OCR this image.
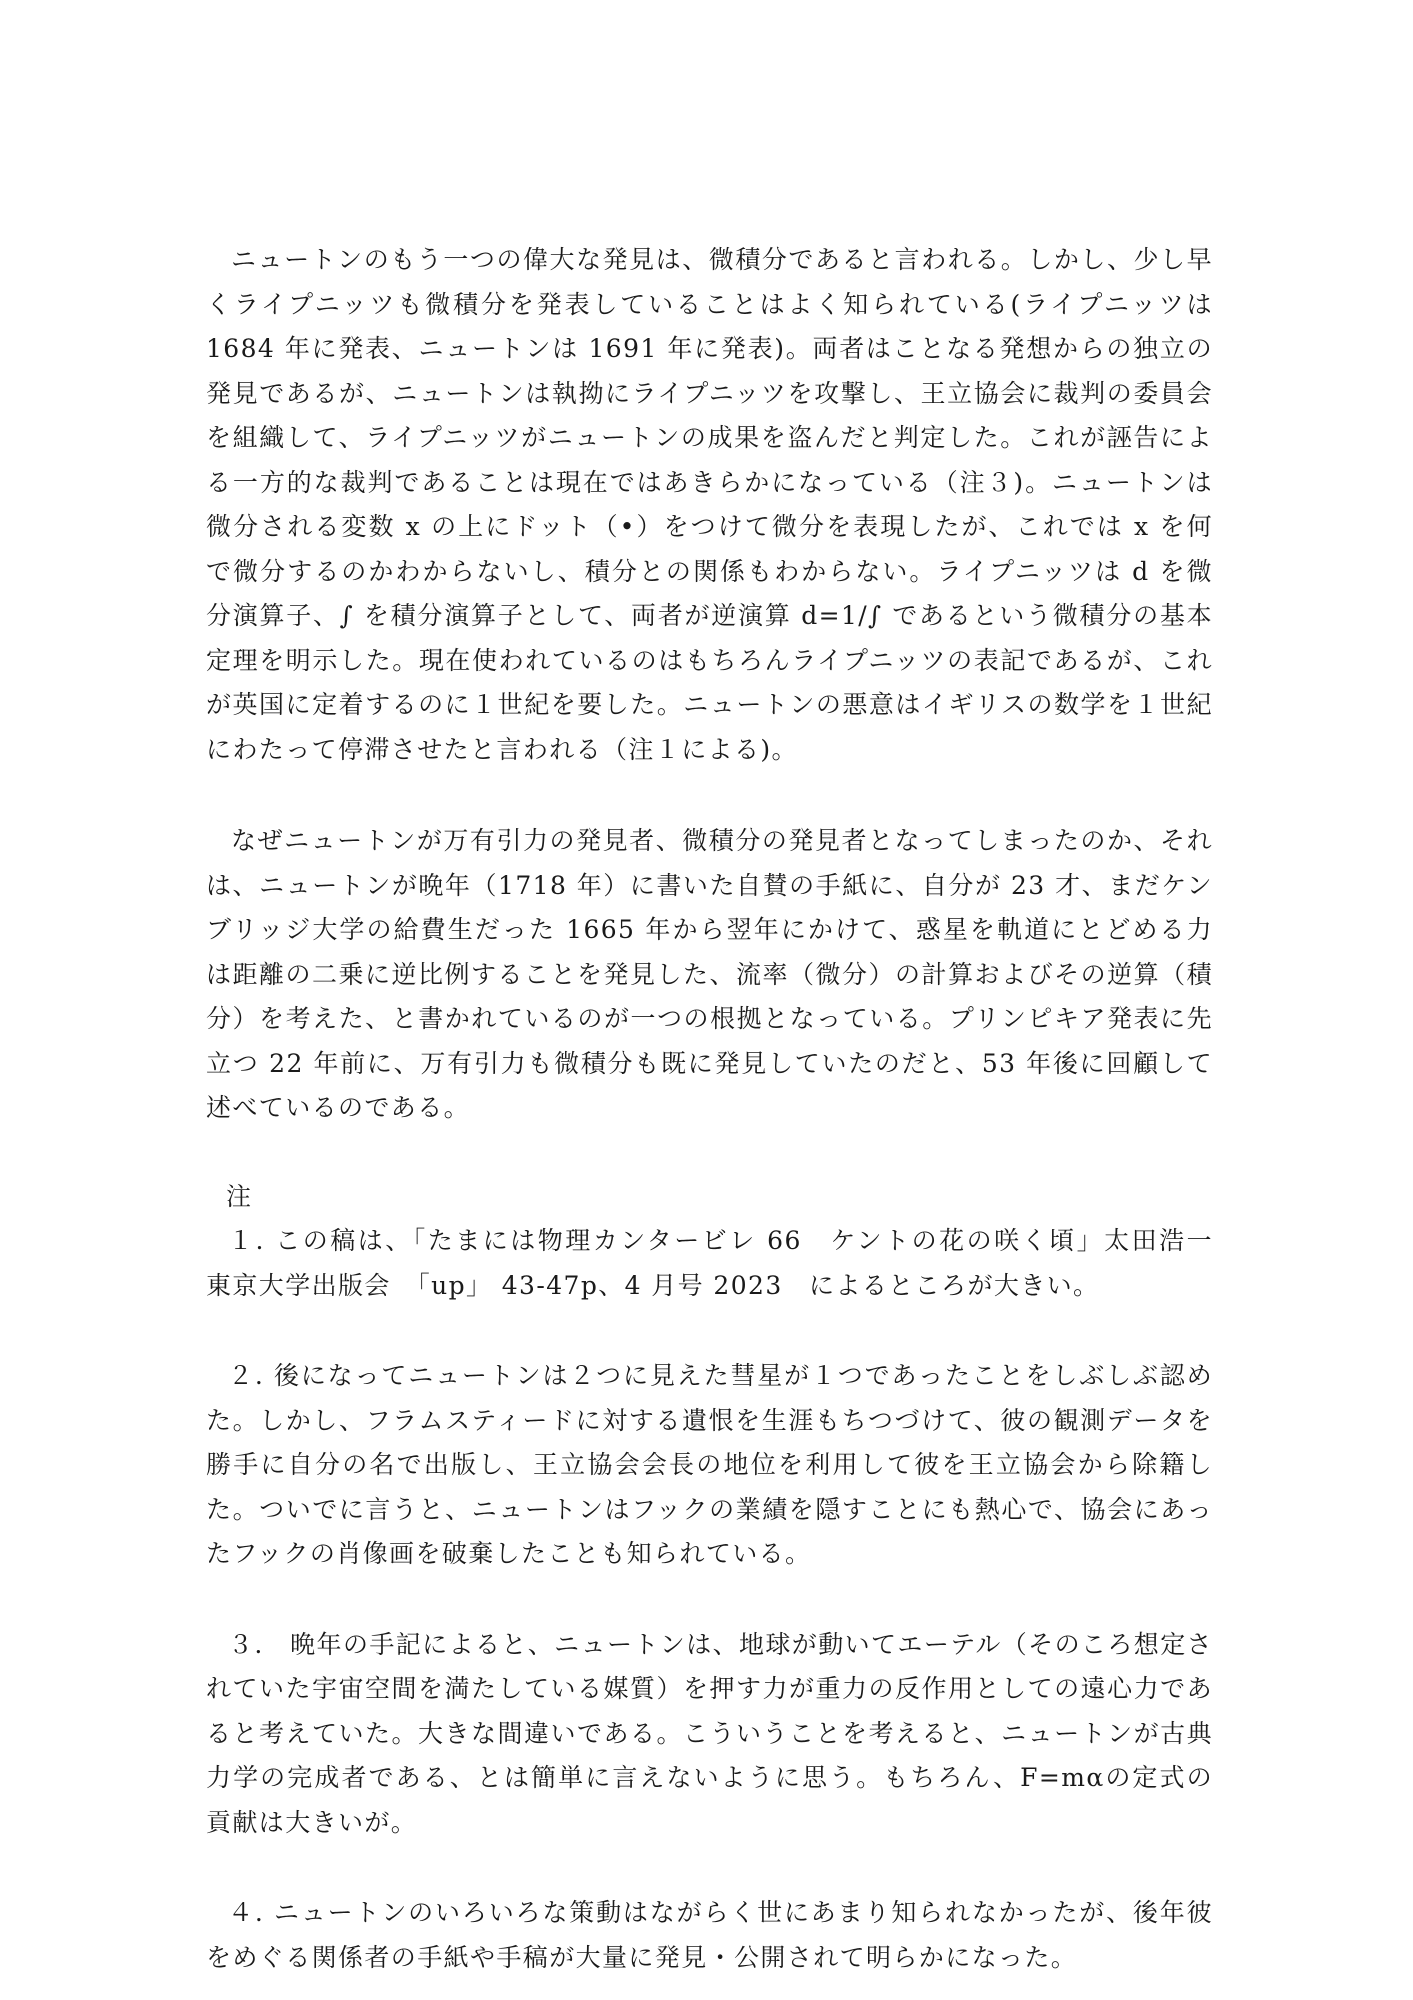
ニュートンのもう一つの偉大な発見は、微積分であると言われる。しかし、少し早くライプニッツも微積分を発表していることはよく知られている(ライプニッツは 1684 年に発表、ニュートンは 1691 年に発表)。両者はことなる発想からの独立の発見であるが、ニュートンは執拗にライプニッツを攻撃し、王立協会に裁判の委員会を組織して、ライプニッツがニュートンの成果を盗んだと判定した。これが誣告による一方的な裁判であることは現在ではあきらかになっている（注３)。ニュートンは微分される変数 x の上にドット（•）をつけて微分を表現したが、これでは x を何で微分するのかわからないし、積分との関係もわからない。ライプニッツは d を微分演算子、∫ を積分演算子として、両者が逆演算 d=1/∫ であるという微積分の基本定理を明示した。現在使われているのはもちろんライプニッツの表記であるが、これが英国に定着するのに１世紀を要した。ニュートンの悪意はイギリスの数学を１世紀にわたって停滞させたと言われる（注１による)。

なぜニュートンが万有引力の発見者、微積分の発見者となってしまったのか、それは、ニュートンが晩年（1718 年）に書いた自賛の手紙に、自分が 23 才、まだケンブリッジ大学の給費生だった 1665 年から翌年にかけて、惑星を軌道にとどめる力は距離の二乗に逆比例することを発見した、流率（微分）の計算およびその逆算（積分）を考えた、と書かれているのが一つの根拠となっている。プリンピキア発表に先立つ 22 年前に、万有引力も微積分も既に発見していたのだと、53 年後に回顧して述べているのである。

注

１. この稿は、「たまには物理カンタービレ 66　ケントの花の咲く頃」太田浩一　東京大学出版会　「up」 43-47p、4 月号 2023　によるところが大きい。

２. 後になってニュートンは２つに見えた彗星が１つであったことをしぶしぶ認めた。しかし、フラムスティードに対する遺恨を生涯もちつづけて、彼の観測データを勝手に自分の名で出版し、王立協会会長の地位を利用して彼を王立協会から除籍した。ついでに言うと、ニュートンはフックの業績を隠すことにも熱心で、協会にあったフックの肖像画を破棄したことも知られている。

３.　晩年の手記によると、ニュートンは、地球が動いてエーテル（そのころ想定されていた宇宙空間を満たしている媒質）を押す力が重力の反作用としての遠心力であると考えていた。大きな間違いである。こういうことを考えると、ニュートンが古典力学の完成者である、とは簡単に言えないように思う。もちろん、F=mαの定式の貢献は大きいが。

４. ニュートンのいろいろな策動はながらく世にあまり知られなかったが、後年彼をめぐる関係者の手紙や手稿が大量に発見・公開されて明らかになった。
